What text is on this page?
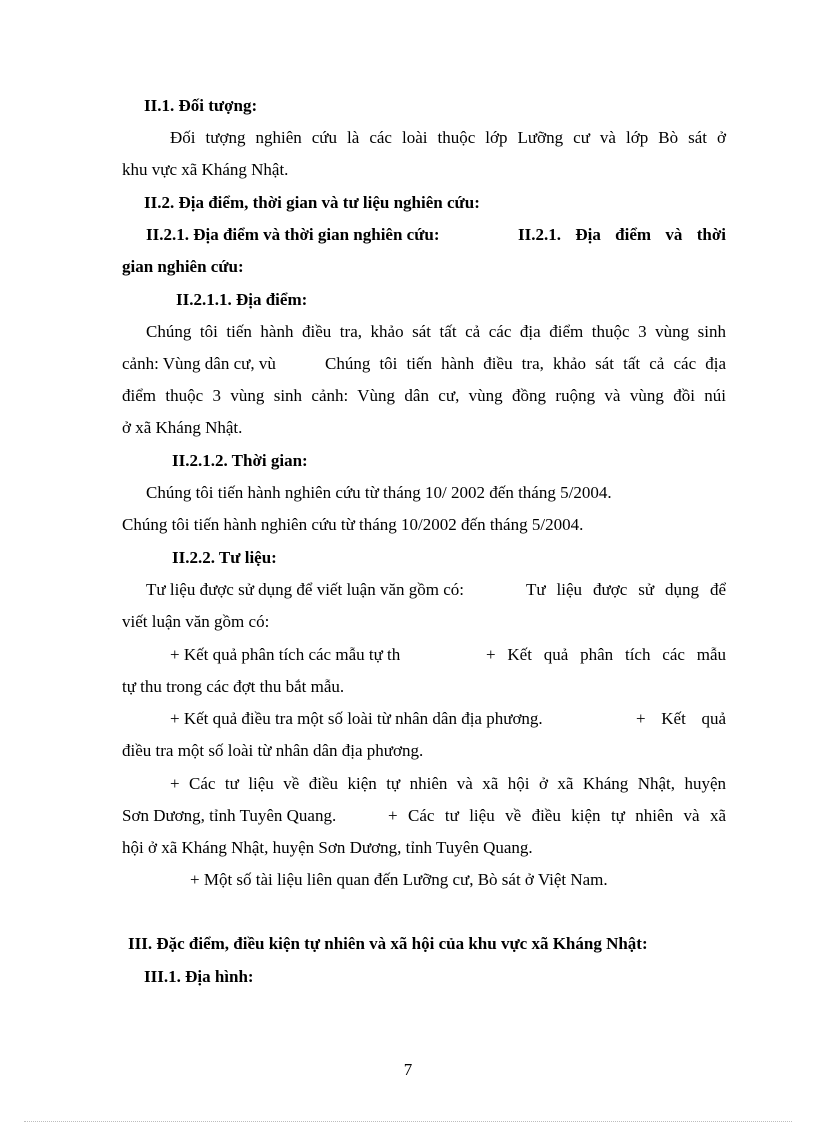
II.1. Đối tượng:
Đối tượng nghiên cứu là các loài thuộc lớp Lưỡng cư và lớp Bò sát ở
khu vực xã Kháng Nhật.
II.2. Địa điểm, thời gian và tư liệu nghiên cứu:
II.2.1. Địa điểm và thời gian nghiên cứu:	II.2.1. Địa điểm và thời
gian nghiên cứu:
II.2.1.1. Địa điểm:
Chúng tôi tiến hành điều tra, khảo sát tất cả các địa điểm thuộc 3 vùng sinh
cảnh: Vùng dân cư, vù	Chúng tôi tiến hành điều tra, khảo sát tất cả các địa
điểm thuộc 3 vùng sinh cảnh: Vùng dân cư, vùng đồng ruộng và vùng đồi núi
ở xã Kháng Nhật.
II.2.1.2. Thời gian:
Chúng tôi tiến hành nghiên cứu từ tháng 10/ 2002 đến tháng 5/2004.
Chúng tôi tiến hành nghiên cứu từ tháng 10/2002 đến tháng 5/2004.
II.2.2. Tư liệu:
Tư liệu được sử dụng để viết luận văn gồm có:	Tư liệu được sử dụng để
viết luận văn gồm có:
+ Kết quả phân tích các mẫu tự th	+ Kết quả phân tích các mẫu
tự thu trong các đợt thu bắt mẫu.
+ Kết quả điều tra một số loài từ nhân dân địa phương.	+ Kết quả
điều tra một số loài từ nhân dân địa phương.
+ Các tư liệu về điều kiện tự nhiên và xã hội ở xã Kháng Nhật, huyện
Sơn Dương, tỉnh Tuyên Quang.	+ Các tư liệu về điều kiện tự nhiên và xã
hội ở xã Kháng Nhật, huyện Sơn Dương, tỉnh Tuyên Quang.
+ Một số tài liệu liên quan đến Lưỡng cư, Bò sát ở Việt Nam.
III. Đặc điểm, điều kiện tự nhiên và xã hội của khu vực xã Kháng Nhật:
III.1. Địa hình:
7
